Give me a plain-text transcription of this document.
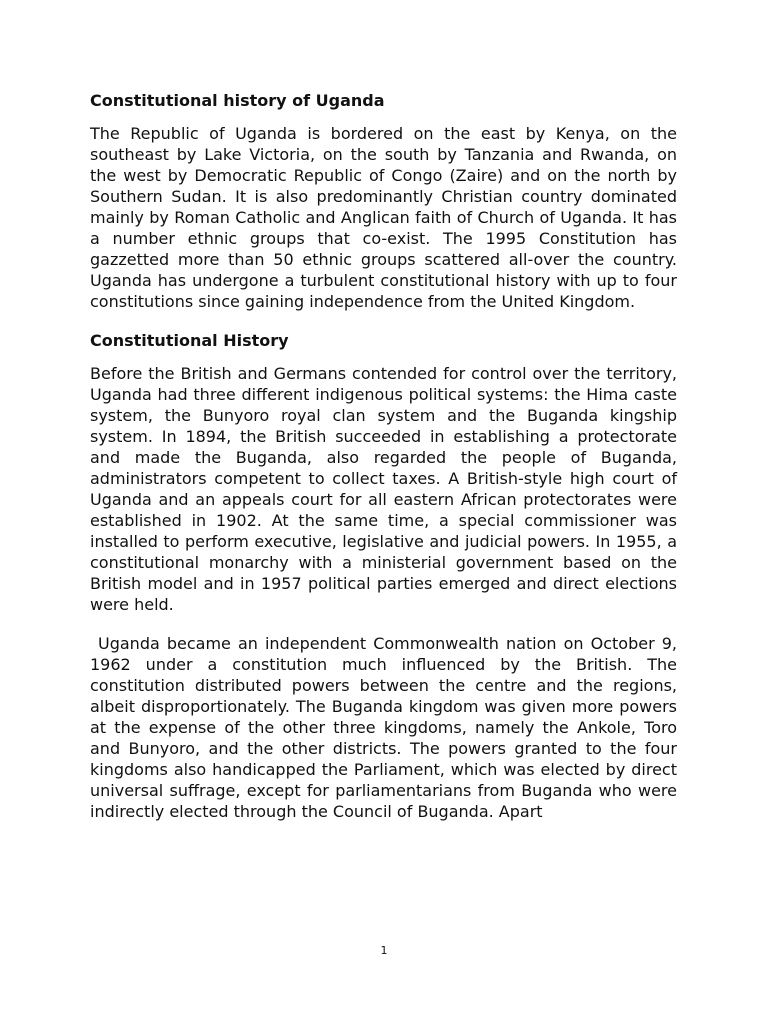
Constitutional history of Uganda

The Republic of Uganda is bordered on the east by Kenya, on the southeast by Lake Victoria, on the south by Tanzania and Rwanda, on the west by Democratic Republic of Congo (Zaire) and on the north by Southern Sudan. It is also predominantly Christian country dominated mainly by Roman Catholic and Anglican faith of Church of Uganda. It has a number ethnic groups that co-exist. The 1995 Constitution has gazzetted more than 50 ethnic groups scattered all-over the country. Uganda has undergone a turbulent constitutional history with up to four constitutions since gaining independence from the United Kingdom.

Constitutional History

Before the British and Germans contended for control over the territory, Uganda had three different indigenous political systems: the Hima caste system, the Bunyoro royal clan system and the Buganda kingship system. In 1894, the British succeeded in establishing a protectorate and made the Buganda, also regarded the people of Buganda, administrators competent to collect taxes. A British-style high court of Uganda and an appeals court for all eastern African protectorates were established in 1902. At the same time, a special commissioner was installed to perform executive, legislative and judicial powers. In 1955, a constitutional monarchy with a ministerial government based on the British model and in 1957 political parties emerged and direct elections were held.

Uganda became an independent Commonwealth nation on October 9, 1962 under a constitution much influenced by the British. The constitution distributed powers between the centre and the regions, albeit disproportionately. The Buganda kingdom was given more powers at the expense of the other three kingdoms, namely the Ankole, Toro and Bunyoro, and the other districts. The powers granted to the four kingdoms also handicapped the Parliament, which was elected by direct universal suffrage, except for parliamentarians from Buganda who were indirectly elected through the Council of Buganda. Apart

1
